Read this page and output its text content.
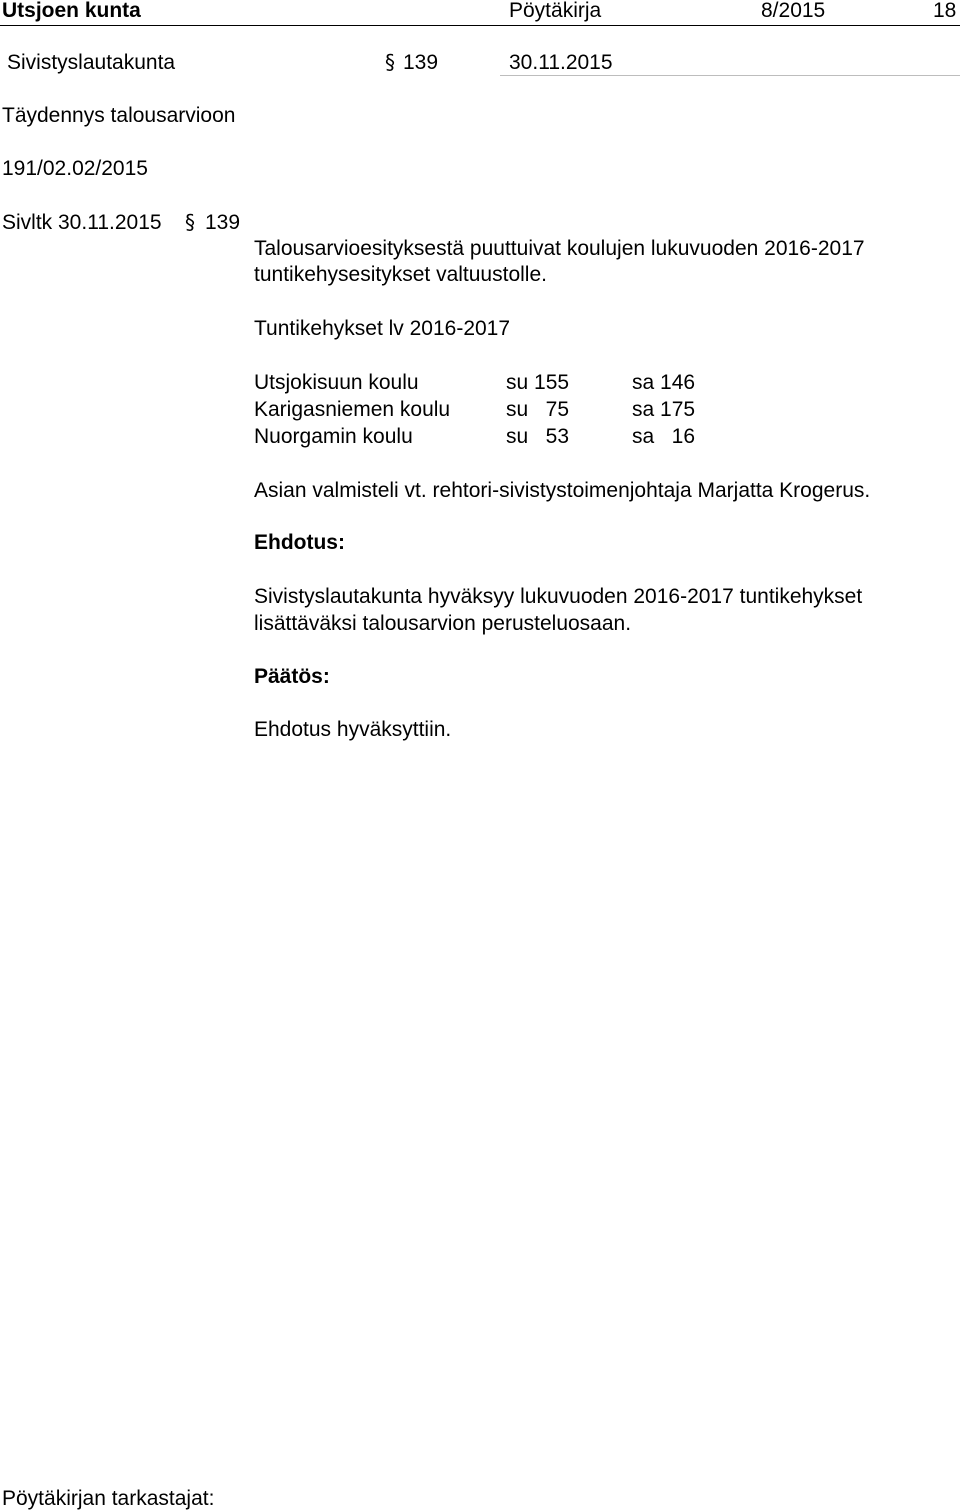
Utsjoen kunta	Pöytäkirja	8/2015	18
Sivistyslautakunta	§ 139	30.11.2015
Täydennys talousarvioon
191/02.02/2015
Sivltk 30.11.2015 § 139
Talousarvioesityksestä puuttuivat koulujen lukuvuoden 2016-2017
tuntikehysesitykset valtuustolle.
Tuntikehykset lv 2016-2017
Utsjokisuun koulu	su 155	sa 146
Karigasniemen koulu	su   75	sa 175
Nuorgamin koulu	su   53	sa   16
Asian valmisteli vt. rehtori-sivistystoimenjohtaja Marjatta Krogerus.
Ehdotus:
Sivistyslautakunta hyväksyy lukuvuoden 2016-2017 tuntikehykset
lisättäväksi talousarvion perusteluosaan.
Päätös:
Ehdotus hyväksyttiin.
Pöytäkirjan tarkastajat:
